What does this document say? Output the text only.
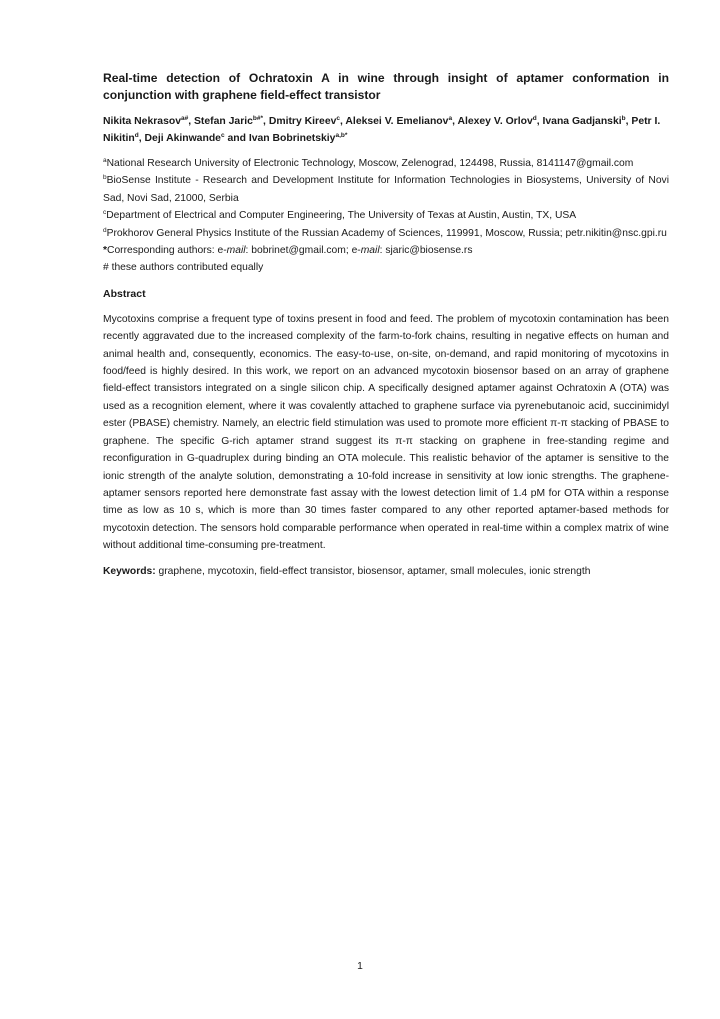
Real-time detection of Ochratoxin A in wine through insight of aptamer conformation in conjunction with graphene field-effect transistor

Nikita Nekrasov$^{a\#}$, Stefan Jaric$^{b\#*}$, Dmitry Kireev$^c$, Aleksei V. Emelianov$^a$, Alexey V. Orlov$^d$, Ivana Gadjanski$^b$, Petr I. Nikitin$^d$, Deji Akinwande$^c$ and Ivan Bobrinetskiy$^{a,b*}$

$^a$National Research University of Electronic Technology, Moscow, Zelenograd, 124498, Russia, 8141147@gmail.com

$^b$BioSense Institute - Research and Development Institute for Information Technologies in Biosystems, University of Novi Sad, Novi Sad, 21000, Serbia

$^c$Department of Electrical and Computer Engineering, The University of Texas at Austin, Austin, TX, USA

$^d$Prokhorov General Physics Institute of the Russian Academy of Sciences, 119991, Moscow, Russia; petr.nikitin@nsc.gpi.ru

*Corresponding authors: e-mail: bobrinet@gmail.com; e-mail: sjaric@biosense.rs

# these authors contributed equally

Abstract

Mycotoxins comprise a frequent type of toxins present in food and feed. The problem of mycotoxin contamination has been recently aggravated due to the increased complexity of the farm-to-fork chains, resulting in negative effects on human and animal health and, consequently, economics. The easy-to-use, on-site, on-demand, and rapid monitoring of mycotoxins in food/feed is highly desired. In this work, we report on an advanced mycotoxin biosensor based on an array of graphene field-effect transistors integrated on a single silicon chip. A specifically designed aptamer against Ochratoxin A (OTA) was used as a recognition element, where it was covalently attached to graphene surface via pyrenebutanoic acid, succinimidyl ester (PBASE) chemistry. Namely, an electric field stimulation was used to promote more efficient π-π stacking of PBASE to graphene. The specific G-rich aptamer strand suggest its π-π stacking on graphene in free-standing regime and reconfiguration in G-quadruplex during binding an OTA molecule. This realistic behavior of the aptamer is sensitive to the ionic strength of the analyte solution, demonstrating a 10-fold increase in sensitivity at low ionic strengths. The graphene-aptamer sensors reported here demonstrate fast assay with the lowest detection limit of 1.4 pM for OTA within a response time as low as 10 s, which is more than 30 times faster compared to any other reported aptamer-based methods for mycotoxin detection. The sensors hold comparable performance when operated in real-time within a complex matrix of wine without additional time-consuming pre-treatment.

Keywords: graphene, mycotoxin, field-effect transistor, biosensor, aptamer, small molecules, ionic strength

1
